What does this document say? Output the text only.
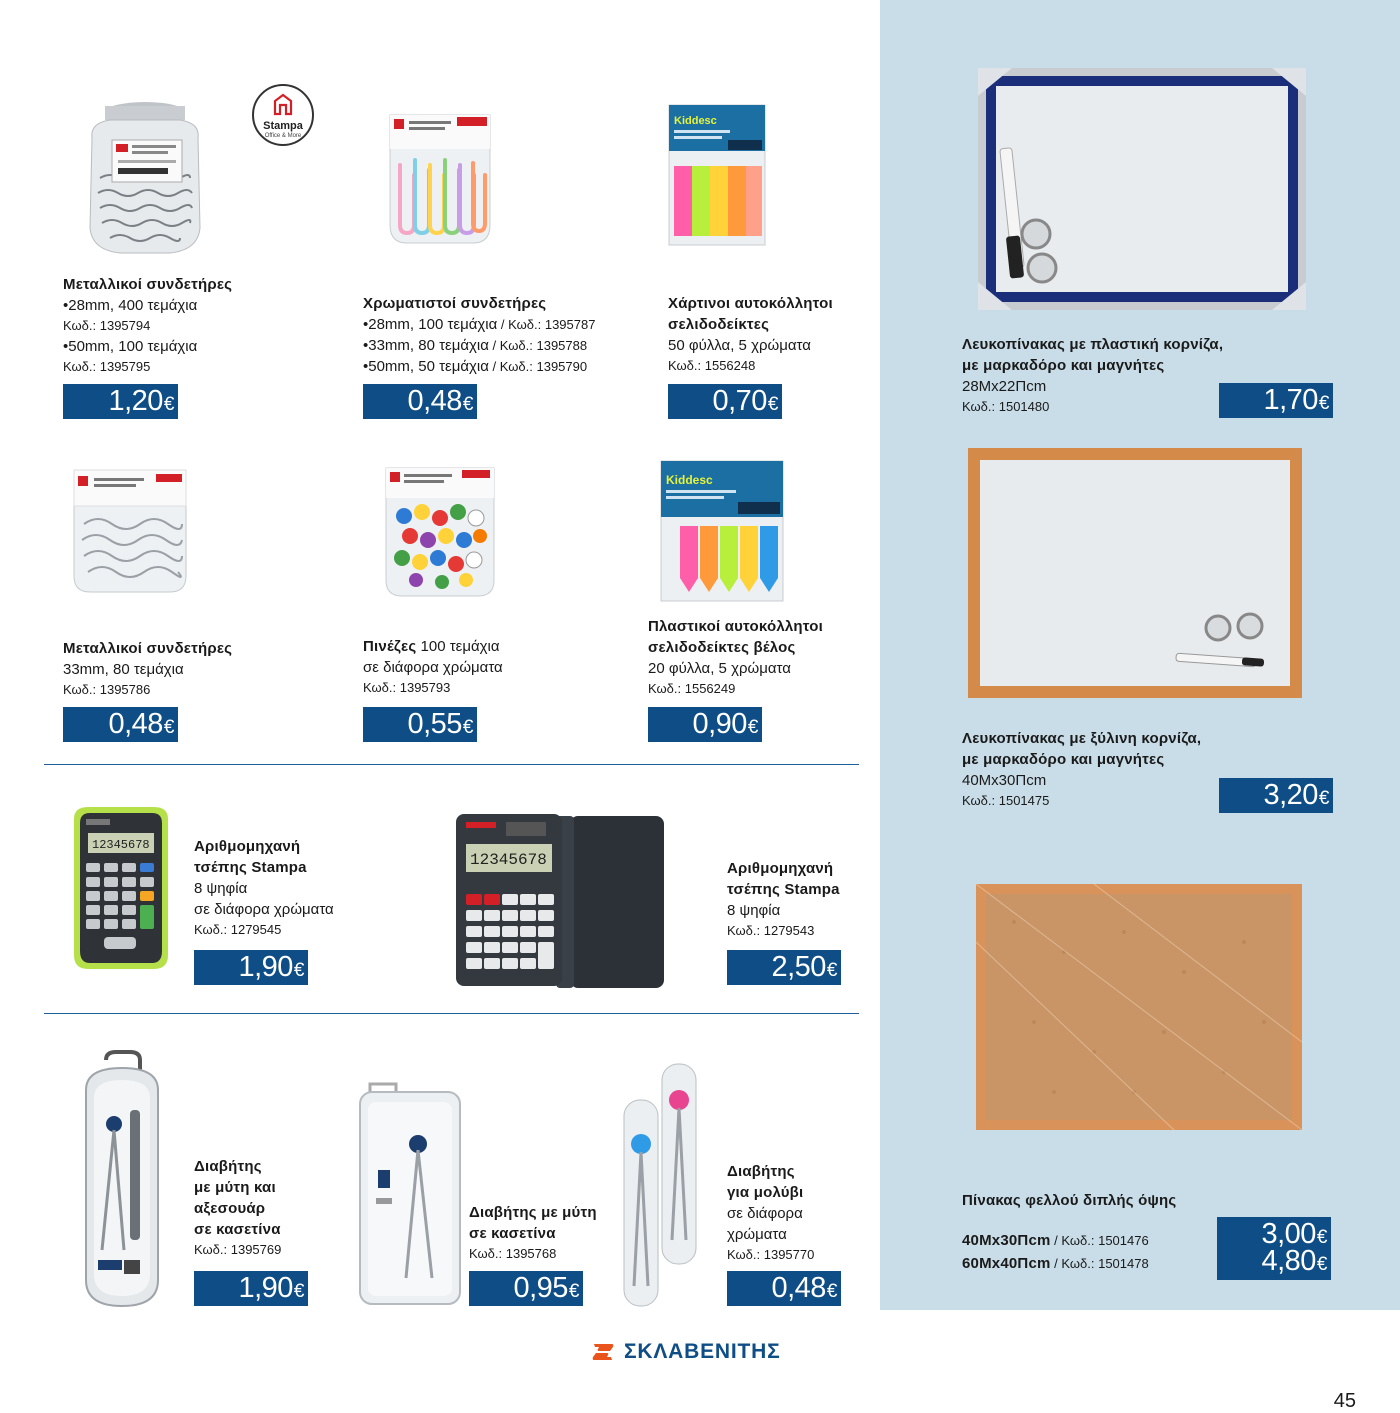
Stampa
Office & More
Μεταλλικοί συνδετήρες
•28mm, 400 τεμάχια
Κωδ.: 1395794
•50mm, 100 τεμάχια
Κωδ.: 1395795
1,20€
Χρωματιστοί συνδετήρες
•28mm, 100 τεμάχια / Κωδ.: 1395787
•33mm, 80 τεμάχια / Κωδ.: 1395788
•50mm, 50 τεμάχια / Κωδ.: 1395790
0,48€
Kiddesc
Χάρτινοι αυτοκόλλητοι
σελιδοδείκτες
50 φύλλα, 5 χρώματα
Κωδ.: 1556248
0,70€
Μεταλλικοί συνδετήρες
33mm, 80 τεμάχια
Κωδ.: 1395786
0,48€
Πινέζες 100 τεμάχια
σε διάφορα χρώματα
Κωδ.: 1395793
0,55€
Kiddesc
Πλαστικοί αυτοκόλλητοι
σελιδοδείκτες βέλος
20 φύλλα, 5 χρώματα
Κωδ.: 1556249
0,90€
12345678	Αριθμομηχανή
τσέπης Stampa
8 ψηφία
σε διάφορα χρώματα
Κωδ.: 1279545
1,90€
12345678	Αριθμομηχανή
τσέπης Stampa
8 ψηφία
Κωδ.: 1279543
2,50€
Διαβήτης
με μύτη και
αξεσουάρ
σε κασετίνα
Κωδ.: 1395769
1,90€
Διαβήτης με μύτη
σε κασετίνα
Κωδ.: 1395768
0,95€
Διαβήτης
για μολύβι
σε διάφορα
χρώματα
Κωδ.: 1395770
0,48€
Λευκοπίνακας με πλαστική κορνίζα,
με μαρκαδόρο και μαγνήτες
28Mx22Πcm
Κωδ.: 1501480	1,70€
Λευκοπίνακας με ξύλινη κορνίζα,
με μαρκαδόρο και μαγνήτες
40Mx30Πcm
Κωδ.: 1501475	3,20€
Πίνακας φελλού διπλής όψης
40Mx30Πcm / Κωδ.: 1501476
60Mx40Πcm / Κωδ.: 1501478
3,00€
4,80€
ΣΚΛΑΒΕΝΙΤΗΣ
45
